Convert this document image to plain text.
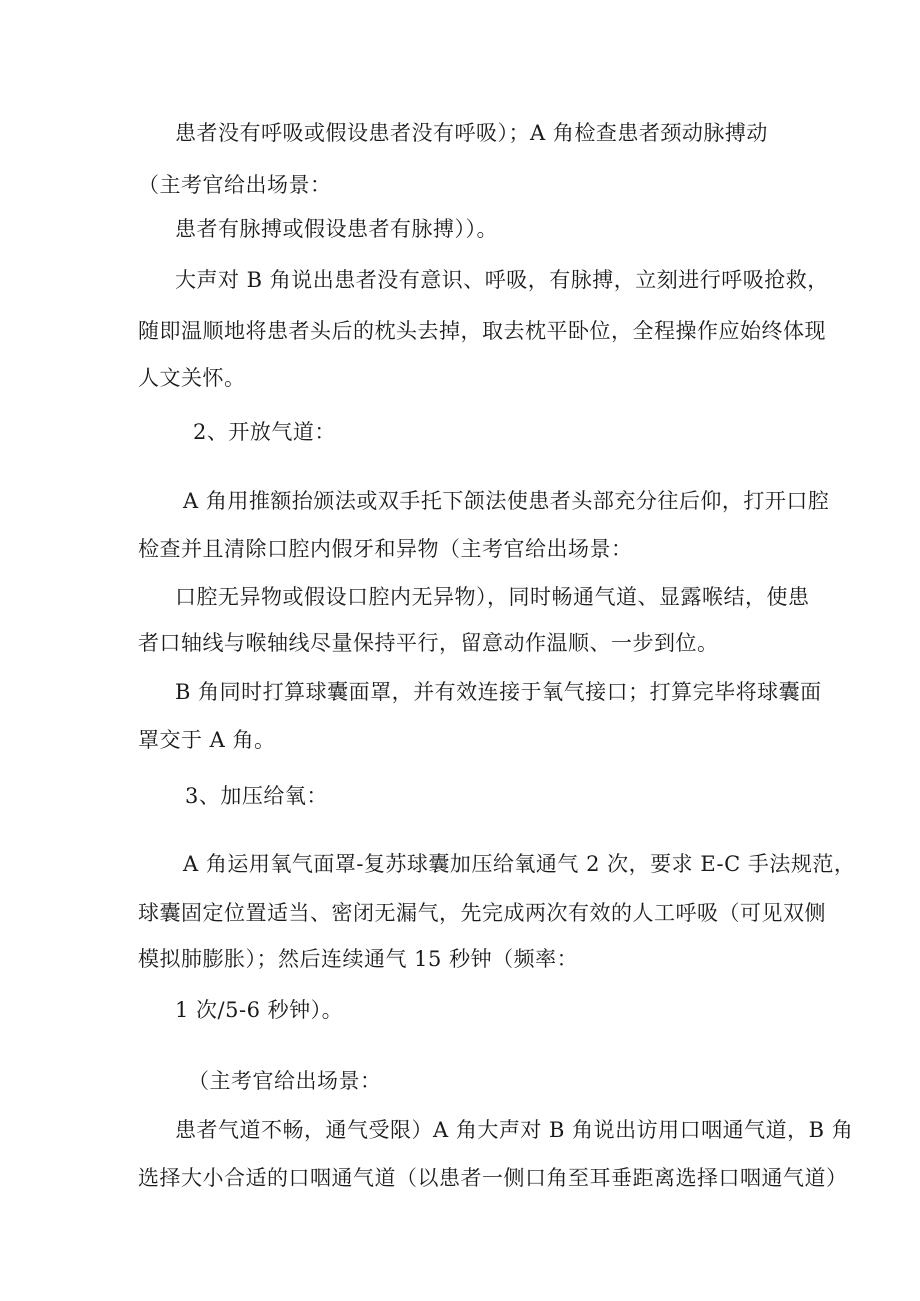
患者没有呼吸或假设患者没有呼吸）；A 角检查患者颈动脉搏动
（主考官给出场景：
患者有脉搏或假设患者有脉搏））。
大声对 B 角说出患者没有意识、呼吸，有脉搏，立刻进行呼吸抢救，
随即温顺地将患者头后的枕头去掉，取去枕平卧位，全程操作应始终体现
人文关怀。
2、开放气道：
A 角用推额抬颁法或双手托下颌法使患者头部充分往后仰，打开口腔
检查并且清除口腔内假牙和异物（主考官给出场景：
口腔无异物或假设口腔内无异物），同时畅通气道、显露喉结，使患
者口轴线与喉轴线尽量保持平行，留意动作温顺、一步到位。
B 角同时打算球囊面罩，并有效连接于氧气接口；打算完毕将球囊面
罩交于 A 角。
3、加压给氧：
A 角运用氧气面罩-复苏球囊加压给氧通气 2 次，要求 E-C 手法规范，
球囊固定位置适当、密闭无漏气，先完成两次有效的人工呼吸（可见双侧
模拟肺膨胀）；然后连续通气 15 秒钟（频率：
1 次/5-6 秒钟）。
（主考官给出场景：
患者气道不畅，通气受限）A 角大声对 B 角说出访用口咽通气道，B 角
选择大小合适的口咽通气道（以患者一侧口角至耳垂距离选择口咽通气道）
